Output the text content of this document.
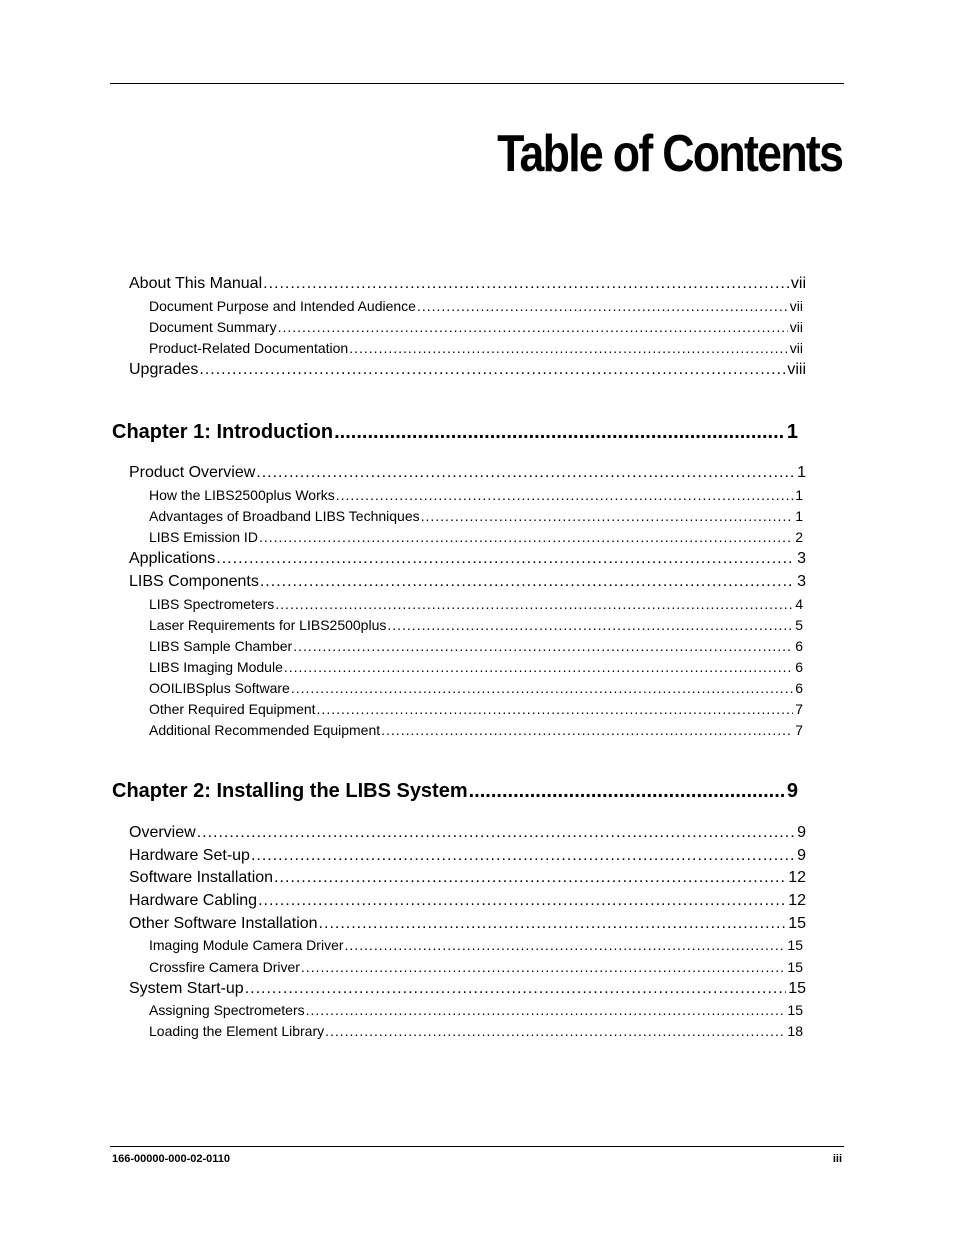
Table of Contents
About This Manual .....	vii
Document Purpose and Intended Audience .....	vii
Document Summary .....	vii
Product-Related Documentation .....	vii
Upgrades .....	viii
Chapter 1: Introduction .....	1
Product Overview .....	1
How the LIBS2500plus Works .....	1
Advantages of Broadband LIBS Techniques .....	1
LIBS Emission ID .....	2
Applications .....	3
LIBS Components .....	3
LIBS Spectrometers .....	4
Laser Requirements for LIBS2500plus .....	5
LIBS Sample Chamber .....	6
LIBS Imaging Module .....	6
OOILIBSplus Software .....	6
Other Required Equipment .....	7
Additional Recommended Equipment .....	7
Chapter 2: Installing the LIBS System .....	9
Overview .....	9
Hardware Set-up .....	9
Software Installation .....	12
Hardware Cabling .....	12
Other Software Installation .....	15
Imaging Module Camera Driver .....	15
Crossfire Camera Driver .....	15
System Start-up .....	15
Assigning Spectrometers .....	15
Loading the Element Library .....	18
166-00000-000-02-0110	iii
